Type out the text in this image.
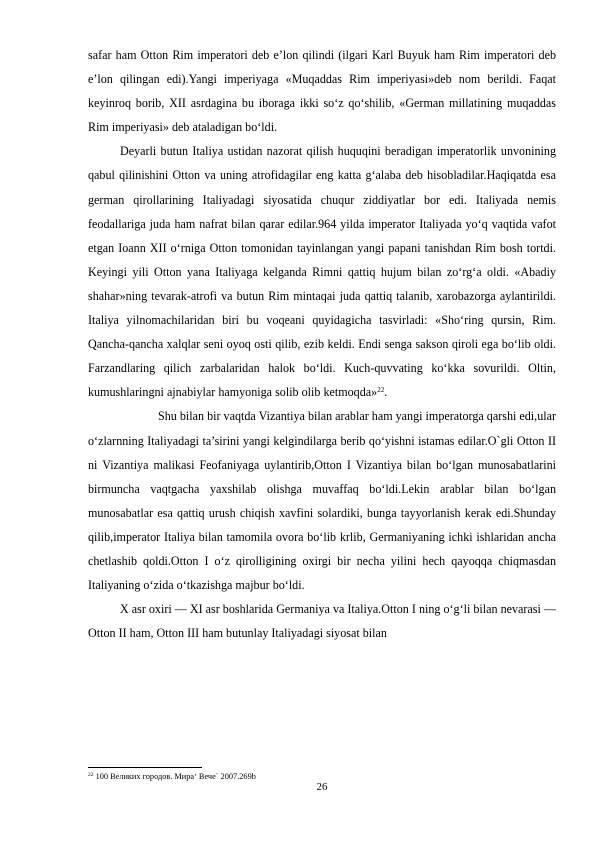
safar ham Otton Rim imperatori deb e’lon qilindi (ilgari Karl Buyuk ham Rim imperatori deb e’lon qilingan edi).Yangi imperiyaga «Muqaddas Rim imperiyasi»deb nom berildi. Faqat keyinroq borib, XII asrdagina bu iboraga ikki so‘z qo‘shilib, «German millatining muqaddas Rim imperiyasi» deb ataladigan bo‘ldi.

Deyarli butun Italiya ustidan nazorat qilish huquqini beradigan imperatorlik unvonining qabul qilinishini Otton va uning atrofidagilar eng katta g‘alaba deb hisobladilar.Haqiqatda esa german qirollarining Italiyadagi siyosatida chuqur ziddiyatlar bor edi. Italiyada nemis feodallariga juda ham nafrat bilan qarar edilar.964 yilda imperator Italiyada yo‘q vaqtida vafot etgan Ioann XII o‘rniga Otton tomonidan tayinlangan yangi papani tanishdan Rim bosh tortdi. Keyingi yili Otton yana Italiyaga kelganda Rimni qattiq hujum bilan zo‘rg‘a oldi. «Abadiy shahar»ning tevarak-atrofi va butun Rim mintaqai juda qattiq talanib, xarobazorga aylantirildi. Italiya yilnomachilaridan biri bu voqeani quyidagicha tasvirladi: «Sho‘ring qursin, Rim. Qancha-qancha xalqlar seni oyoq osti qilib, ezib keldi. Endi senga sakson qiroli ega bo‘lib oldi. Farzandlaring qilich zarbalaridan halok bo‘ldi. Kuch-quvvating ko‘kka sovurildi. Oltin, kumushlaringni ajnabiylar hamyoniga solib olib ketmoqda»$^{22}$.

Shu bilan bir vaqtda Vizantiya bilan arablar ham yangi imperatorga qarshi edi,ular o‘zlarnning Italiyadagi ta’sirini yangi kelgindilarga berib qo‘yishni istamas edilar.O`gli Otton II ni Vizantiya malikasi Feofaniyaga uylantirib,Otton I Vizantiya bilan bo‘lgan munosabatlarini birmuncha vaqtgacha yaxshilab olishga muvaffaq bo‘ldi.Lekin arablar bilan bo‘lgan munosabatlar esa qattiq urush chiqish xavfini solardiki, bunga tayyorlanish kerak edi.Shunday qilib,imperator Italiya bilan tamomila ovora bo‘lib krlib, Germaniyaning ichki ishlaridan ancha chetlashib qoldi.Otton I o‘z qirolligining oxirgi bir necha yilini hech qayoqqa chiqmasdan Italiyaning o‘zida o‘tkazishga majbur bo‘ldi.

X asr oxiri — XI asr boshlarida Germaniya va Italiya.Otton I ning o‘g‘li bilan nevarasi — Otton II ham, Otton III ham butunlay Italiyadagi siyosat bilan

$^{22}$ 100 Великих городов. Мира‘ Вече` 2007.269b
26
